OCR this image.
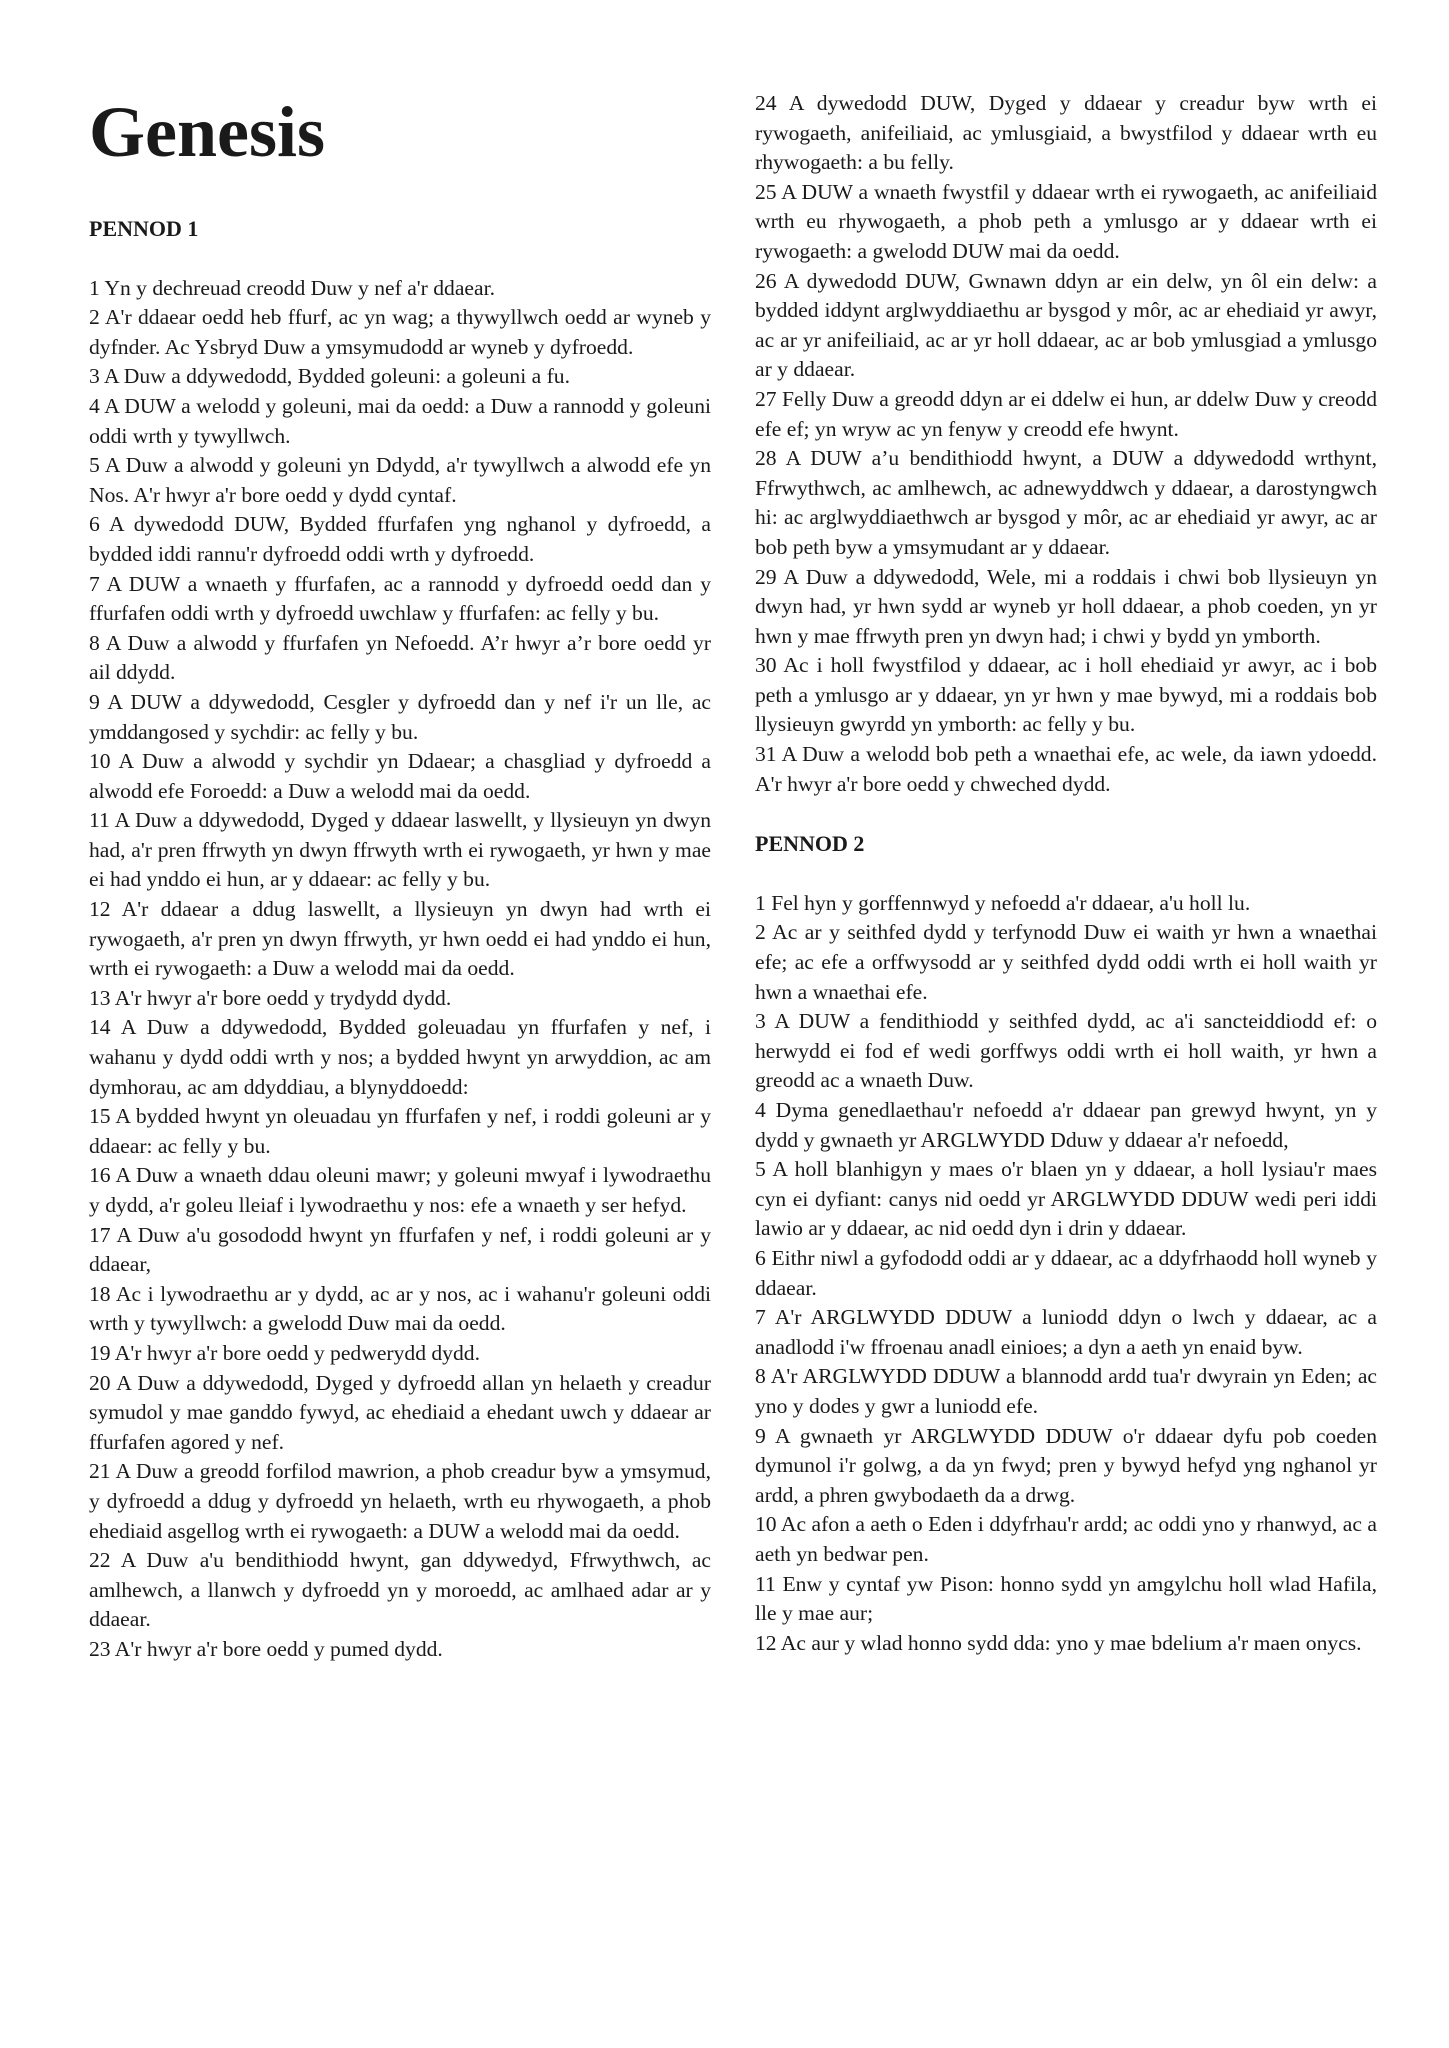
Genesis
PENNOD 1

1 Yn y dechreuad creodd Duw y nef a'r ddaear.

2 A'r ddaear oedd heb ffurf, ac yn wag; a thywyllwch oedd ar wyneb y dyfnder. Ac Ysbryd Duw a ymsymudodd ar wyneb y dyfroedd.

3 A Duw a ddywedodd, Bydded goleuni: a goleuni a fu.

4 A DUW a welodd y goleuni, mai da oedd: a Duw a rannodd y goleuni oddi wrth y tywyllwch.

5 A Duw a alwodd y goleuni yn Ddydd, a'r tywyllwch a alwodd efe yn Nos. A'r hwyr a'r bore oedd y dydd cyntaf.

6 A dywedodd DUW, Bydded ffurfafen yng nghanol y dyfroedd, a bydded iddi rannu'r dyfroedd oddi wrth y dyfroedd.

7 A DUW a wnaeth y ffurfafen, ac a rannodd y dyfroedd oedd dan y ffurfafen oddi wrth y dyfroedd uwchlaw y ffurfafen: ac felly y bu.

8 A Duw a alwodd y ffurfafen yn Nefoedd. A’r hwyr a’r bore oedd yr ail ddydd.

9 A DUW a ddywedodd, Cesgler y dyfroedd dan y nef i'r un lle, ac ymddangosed y sychdir: ac felly y bu.

10 A Duw a alwodd y sychdir yn Ddaear; a chasgliad y dyfroedd a alwodd efe Foroedd: a Duw a welodd mai da oedd.

11 A Duw a ddywedodd, Dyged y ddaear laswellt, y llysieuyn yn dwyn had, a'r pren ffrwyth yn dwyn ffrwyth wrth ei rywogaeth, yr hwn y mae ei had ynddo ei hun, ar y ddaear: ac felly y bu.

12 A'r ddaear a ddug laswellt, a llysieuyn yn dwyn had wrth ei rywogaeth, a'r pren yn dwyn ffrwyth, yr hwn oedd ei had ynddo ei hun, wrth ei rywogaeth: a Duw a welodd mai da oedd.

13 A'r hwyr a'r bore oedd y trydydd dydd.

14 A Duw a ddywedodd, Bydded goleuadau yn ffurfafen y nef, i wahanu y dydd oddi wrth y nos; a bydded hwynt yn arwyddion, ac am dymhorau, ac am ddyddiau, a blynyddoedd:

15 A bydded hwynt yn oleuadau yn ffurfafen y nef, i roddi goleuni ar y ddaear: ac felly y bu.

16 A Duw a wnaeth ddau oleuni mawr; y goleuni mwyaf i lywodraethu y dydd, a'r goleu lleiaf i lywodraethu y nos: efe a wnaeth y ser hefyd.

17 A Duw a'u gosododd hwynt yn ffurfafen y nef, i roddi goleuni ar y ddaear,

18 Ac i lywodraethu ar y dydd, ac ar y nos, ac i wahanu'r goleuni oddi wrth y tywyllwch: a gwelodd Duw mai da oedd.

19 A'r hwyr a'r bore oedd y pedwerydd dydd.

20 A Duw a ddywedodd, Dyged y dyfroedd allan yn helaeth y creadur symudol y mae ganddo fywyd, ac ehediaid a ehedant uwch y ddaear ar ffurfafen agored y nef.

21 A Duw a greodd forfilod mawrion, a phob creadur byw a ymsymud, y dyfroedd a ddug y dyfroedd yn helaeth, wrth eu rhywogaeth, a phob ehediaid asgellog wrth ei rywogaeth: a DUW a welodd mai da oedd.

22 A Duw a'u bendithiodd hwynt, gan ddywedyd, Ffrwythwch, ac amlhewch, a llanwch y dyfroedd yn y moroedd, ac amlhaed adar ar y ddaear.

23 A'r hwyr a'r bore oedd y pumed dydd.

24 A dywedodd DUW, Dyged y ddaear y creadur byw wrth ei rywogaeth, anifeiliaid, ac ymlusgiaid, a bwystfilod y ddaear wrth eu rhywogaeth: a bu felly.

25 A DUW a wnaeth fwystfil y ddaear wrth ei rywogaeth, ac anifeiliaid wrth eu rhywogaeth, a phob peth a ymlusgo ar y ddaear wrth ei rywogaeth: a gwelodd DUW mai da oedd.

26 A dywedodd DUW, Gwnawn ddyn ar ein delw, yn ôl ein delw: a bydded iddynt arglwyddiaethu ar bysgod y môr, ac ar ehediaid yr awyr, ac ar yr anifeiliaid, ac ar yr holl ddaear, ac ar bob ymlusgiad a ymlusgo ar y ddaear.

27 Felly Duw a greodd ddyn ar ei ddelw ei hun, ar ddelw Duw y creodd efe ef; yn wryw ac yn fenyw y creodd efe hwynt.

28 A DUW a’u bendithiodd hwynt, a DUW a ddywedodd wrthynt, Ffrwythwch, ac amlhewch, ac adnewyddwch y ddaear, a darostyngwch hi: ac arglwyddiaethwch ar bysgod y môr, ac ar ehediaid yr awyr, ac ar bob peth byw a ymsymudant ar y ddaear.

29 A Duw a ddywedodd, Wele, mi a roddais i chwi bob llysieuyn yn dwyn had, yr hwn sydd ar wyneb yr holl ddaear, a phob coeden, yn yr hwn y mae ffrwyth pren yn dwyn had; i chwi y bydd yn ymborth.

30 Ac i holl fwystfilod y ddaear, ac i holl ehediaid yr awyr, ac i bob peth a ymlusgo ar y ddaear, yn yr hwn y mae bywyd, mi a roddais bob llysieuyn gwyrdd yn ymborth: ac felly y bu.

31 A Duw a welodd bob peth a wnaethai efe, ac wele, da iawn ydoedd. A'r hwyr a'r bore oedd y chweched dydd.

PENNOD 2

1 Fel hyn y gorffennwyd y nefoedd a'r ddaear, a'u holl lu.

2 Ac ar y seithfed dydd y terfynodd Duw ei waith yr hwn a wnaethai efe; ac efe a orffwysodd ar y seithfed dydd oddi wrth ei holl waith yr hwn a wnaethai efe.

3 A DUW a fendithiodd y seithfed dydd, ac a'i sancteiddiodd ef: o herwydd ei fod ef wedi gorffwys oddi wrth ei holl waith, yr hwn a greodd ac a wnaeth Duw.

4 Dyma genedlaethau'r nefoedd a'r ddaear pan grewyd hwynt, yn y dydd y gwnaeth yr ARGLWYDD Dduw y ddaear a'r nefoedd,

5 A holl blanhigyn y maes o'r blaen yn y ddaear, a holl lysiau'r maes cyn ei dyfiant: canys nid oedd yr ARGLWYDD DDUW wedi peri iddi lawio ar y ddaear, ac nid oedd dyn i drin y ddaear.

6 Eithr niwl a gyfododd oddi ar y ddaear, ac a ddyfrhaodd holl wyneb y ddaear.

7 A'r ARGLWYDD DDUW a luniodd ddyn o lwch y ddaear, ac a anadlodd i'w ffroenau anadl einioes; a dyn a aeth yn enaid byw.

8 A'r ARGLWYDD DDUW a blannodd ardd tua'r dwyrain yn Eden; ac yno y dodes y gwr a luniodd efe.

9 A gwnaeth yr ARGLWYDD DDUW o'r ddaear dyfu pob coeden dymunol i'r golwg, a da yn fwyd; pren y bywyd hefyd yng nghanol yr ardd, a phren gwybodaeth da a drwg.

10 Ac afon a aeth o Eden i ddyfrhau'r ardd; ac oddi yno y rhanwyd, ac a aeth yn bedwar pen.

11 Enw y cyntaf yw Pison: honno sydd yn amgylchu holl wlad Hafila, lle y mae aur;

12 Ac aur y wlad honno sydd dda: yno y mae bdelium a'r maen onycs.
